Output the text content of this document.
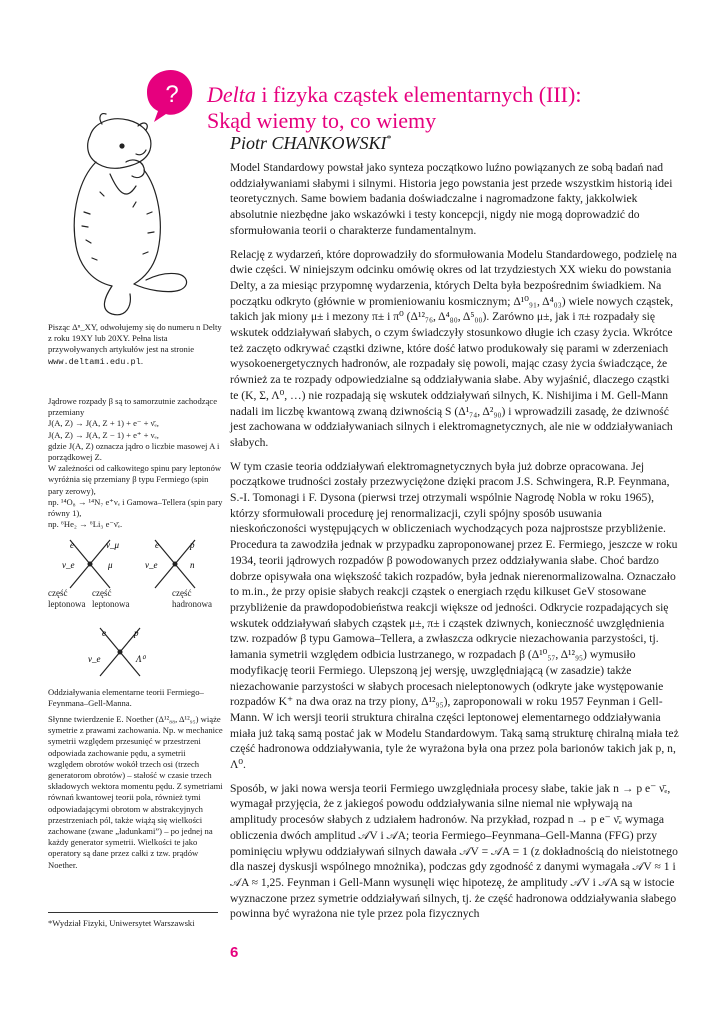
? Delta i fizyka cząstek elementarnych (III):
Skąd wiemy to, co wiemy
Piotr CHANKOWSKI*

Model Standardowy powstał jako synteza początkowo luźno powiązanych ze sobą badań nad oddziaływaniami słabymi i silnymi. Historia jego powstania jest przede wszystkim historią idei teoretycznych. Same bowiem badania doświadczalne i nagromadzone fakty, jakkolwiek absolutnie niezbędne jako wskazówki i testy koncepcji, nigdy nie mogą doprowadzić do sformułowania teorii o charakterze fundamentalnym.

Relację z wydarzeń, które doprowadziły do sformułowania Modelu Standardowego, podzielę na dwie części. W niniejszym odcinku omówię okres od lat trzydziestych XX wieku do powstania Delty, a za miesiąc przypomnę wydarzenia, których Delta była bezpośrednim świadkiem. Na początku odkryto (głównie w promieniowaniu kosmicznym; Δ¹⁰₉₁, Δ⁴₀₃) wiele nowych cząstek, takich jak miony μ± i mezony π± i π⁰ (Δ¹²₇₆, Δ⁴₈₀, Δ⁵₀₀). Zarówno μ±, jak i π± rozpadały się wskutek oddziaływań słabych, o czym świadczyły stosunkowo długie ich czasy życia. Wkrótce też zaczęto odkrywać cząstki dziwne, które dość łatwo produkowały się parami w zderzeniach wysokoenergetycznych hadronów, ale rozpadały się powoli, mając czasy życia świadczące, że również za te rozpady odpowiedzialne są oddziaływania słabe. Aby wyjaśnić, dlaczego cząstki te (K, Σ, Λ⁰, …) nie rozpadają się wskutek oddziaływań silnych, K. Nishijima i M. Gell-Mann nadali im liczbę kwantową zwaną dziwnością S (Δ¹₇₄, Δ²₉₀) i wprowadzili zasadę, że dziwność jest zachowana w oddziaływaniach silnych i elektromagnetycznych, ale nie w oddziaływaniach słabych.

W tym czasie teoria oddziaływań elektromagnetycznych była już dobrze opracowana. Jej początkowe trudności zostały przezwyciężone dzięki pracom J.S. Schwingera, R.P. Feynmana, S.-I. Tomonagi i F. Dysona (pierwsi trzej otrzymali wspólnie Nagrodę Nobla w roku 1965), którzy sformułowali procedurę jej renormalizacji, czyli spójny sposób usuwania nieskończoności występujących w obliczeniach wychodzących poza najprostsze przybliżenie. Procedura ta zawodziła jednak w przypadku zaproponowanej przez E. Fermiego, jeszcze w roku 1934, teorii jądrowych rozpadów β powodowanych przez oddziaływania słabe. Choć bardzo dobrze opisywała ona większość takich rozpadów, była jednak nierenormalizowalna. Oznaczało to m.in., że przy opisie słabych reakcji cząstek o energiach rzędu kilkuset GeV stosowane przybliżenie da prawdopodobieństwa reakcji większe od jedności. Odkrycie rozpadających się wskutek oddziaływań słabych cząstek μ±, π± i cząstek dziwnych, konieczność uwzględnienia tzw. rozpadów β typu Gamowa–Tellera, a zwłaszcza odkrycie niezachowania parzystości, tj. łamania symetrii względem odbicia lustrzanego, w rozpadach β (Δ¹⁰₅₇, Δ¹²₉₅) wymusiło modyfikację teorii Fermiego. Ulepszoną jej wersję, uwzględniającą (w zasadzie) także niezachowanie parzystości w słabych procesach nieleptonowych (odkryte jake występowanie rozpadów K⁺ na dwa oraz na trzy piony, Δ¹²₉₅), zaproponowali w roku 1957 Feynman i Gell-Mann. W ich wersji teorii struktura chiralna części leptonowej elementarnego oddziaływania miała już taką samą postać jak w Modelu Standardowym. Taką samą strukturę chiralną miała też część hadronowa oddziaływania, tyle że wyrażona była ona przez pola barionów takich jak p, n, Λ⁰.

Sposób, w jaki nowa wersja teorii Fermiego uwzględniała procesy słabe, takie jak n → p e⁻ ν̄ₑ, wymagał przyjęcia, że z jakiegoś powodu oddziaływania silne niemal nie wpływają na amplitudy procesów słabych z udziałem hadronów. Na przykład, rozpad n → p e⁻ ν̄ₑ wymaga obliczenia dwóch amplitud 𝒜V i 𝒜A; teoria Fermiego–Feynmana–Gell-Manna (FFG) przy pominięciu wpływu oddziaływań silnych dawała 𝒜V = 𝒜A = 1 (z dokładnością do nieistotnego dla naszej dyskusji wspólnego mnożnika), podczas gdy zgodność z danymi wymagała 𝒜V ≈ 1 i 𝒜A ≈ 1,25. Feynman i Gell-Mann wysunęli więc hipotezę, że amplitudy 𝒜V i 𝒜A są w istocie wyznaczone przez symetrie oddziaływań silnych, tj. że część hadronowa oddziaływania słabego powinna być wyrażona nie tyle przez pola fizycznych

Pisząc Δⁿ_XY, odwołujemy się do numeru n Delty z roku 19XY lub 20XY. Pełna lista przywoływanych artykułów jest na stronie www.deltami.edu.pl.

Jądrowe rozpady β są to samorzutnie zachodzące przemiany

J(A, Z) → J(A, Z + 1) + e⁻ + ν̄ₑ,

J(A, Z) → J(A, Z − 1) + e⁺ + νₑ,

gdzie J(A, Z) oznacza jądro o liczbie masowej A i porządkowej Z.

W zależności od całkowitego spinu pary leptonów wyróżnia się przemiany β typu Fermiego (spin pary zerowy),

np. ¹⁴O₈ → ¹⁴N₇ e⁺νₑ i Gamowa–Tellera (spin pary równy 1),

np. ⁶He₂ → ⁶Li₃ e⁻ν̄ₑ.

e	ν_μ
ν_e	μ
e	p
ν_e	n
część
leptonowa
część
leptonowa
część
hadronowa
e	p
ν_e	Λ⁰

Oddziaływania elementarne teorii Fermiego–Feynmana–Gell-Manna.

Słynne twierdzenie E. Noether (Δ¹²₈₈, Δ¹²₉₅) wiąże symetrie z prawami zachowania. Np. w mechanice symetrii względem przesunięć w przestrzeni odpowiada zachowanie pędu, a symetrii względem obrotów wokół trzech osi (trzech generatorom obrotów) – stałość w czasie trzech składowych wektora momentu pędu. Z symetriami równań kwantowej teorii pola, również tymi odpowiadającymi obrotom w abstrakcyjnych przestrzeniach pól, także wiążą się wielkości zachowane (zwane „ładunkami”) – po jednej na każdy generator symetrii. Wielkości te jako operatory są dane przez całki z tzw. prądów Noether.

*Wydział Fizyki, Uniwersytet Warszawski

6
